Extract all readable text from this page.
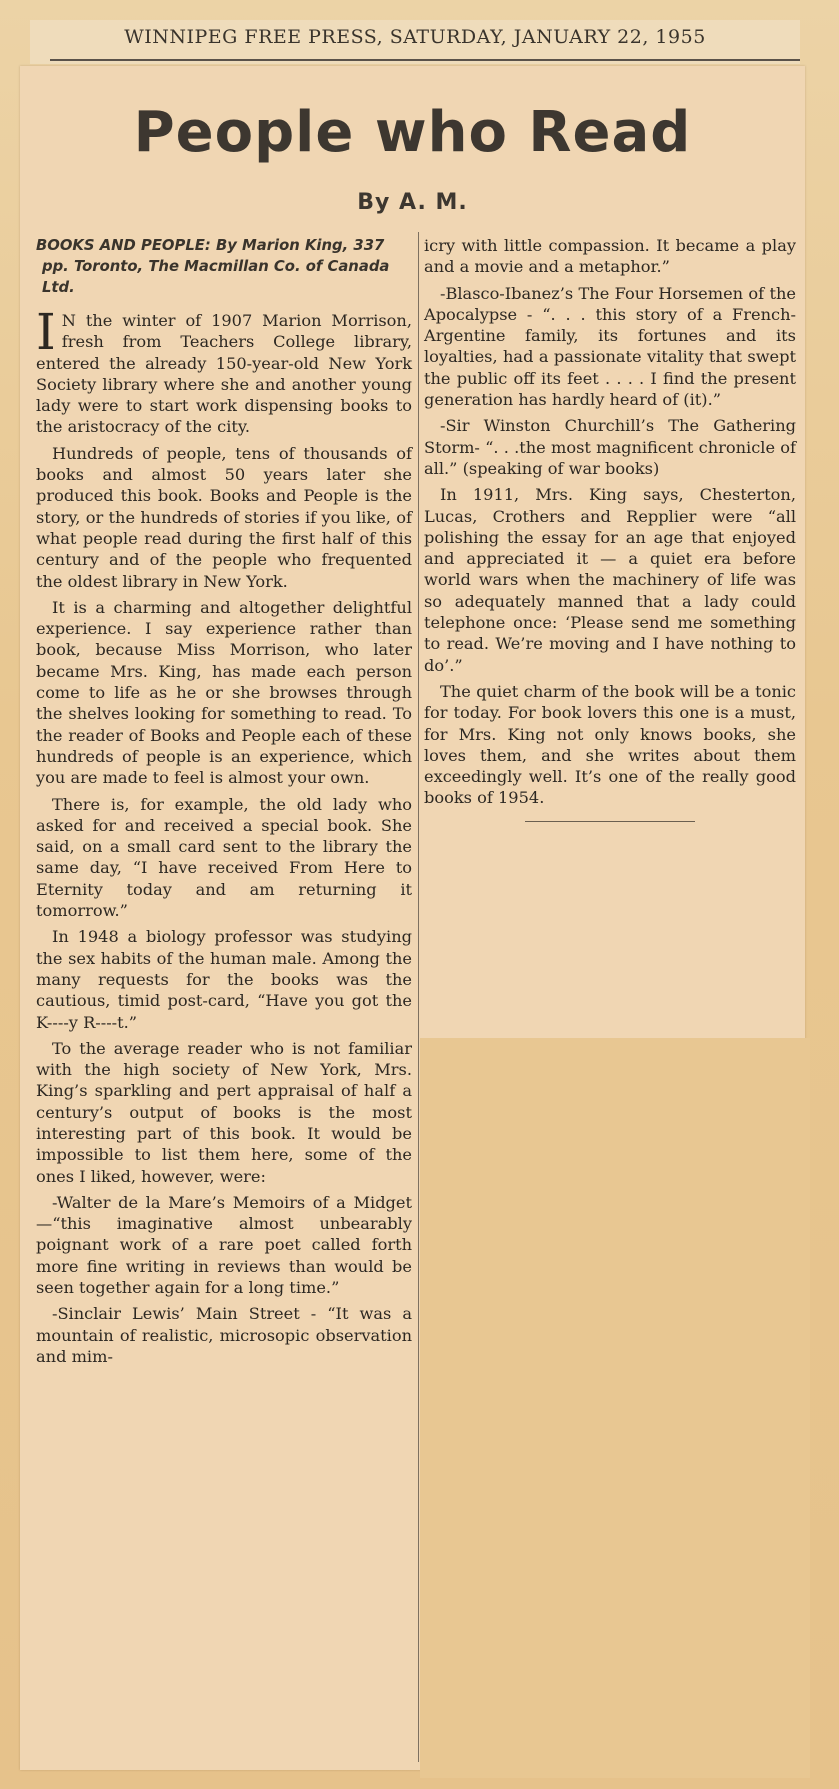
WINNIPEG FREE PRESS, SATURDAY, JANUARY 22, 1955
People who Read
By A. M.
BOOKS AND PEOPLE: By Marion King, 337 pp. Toronto, The Macmillan Co. of Canada Ltd.

I N the winter of 1907 Marion Morrison, fresh from Teachers College library, entered the already 150-year-old New York Society library where she and another young lady were to start work dispensing books to the aristocracy of the city.

Hundreds of people, tens of thousands of books and almost 50 years later she produced this book. Books and People is the story, or the hundreds of stories if you like, of what people read during the first half of this century and of the people who frequented the oldest library in New York.

It is a charming and altogether delightful experience. I say experience rather than book, because Miss Morrison, who later became Mrs. King, has made each person come to life as he or she browses through the shelves looking for something to read. To the reader of Books and People each of these hundreds of people is an experience, which you are made to feel is almost your own.

There is, for example, the old lady who asked for and received a special book. She said, on a small card sent to the library the same day, “I have received From Here to Eternity today and am returning it tomorrow.”

In 1948 a biology professor was studying the sex habits of the human male. Among the many requests for the books was the cautious, timid post-card, “Have you got the K----y R----t.”

To the average reader who is not familiar with the high society of New York, Mrs. King’s sparkling and pert appraisal of half a century’s output of books is the most interesting part of this book. It would be impossible to list them here, some of the ones I liked, however, were:

-Walter de la Mare’s Memoirs of a Midget—“this imaginative almost unbearably poignant work of a rare poet called forth more fine writing in reviews than would be seen together again for a long time.”

-Sinclair Lewis’ Main Street - “It was a mountain of realistic, microsopic observation and mim-

icry with little compassion. It became a play and a movie and a metaphor.”

-Blasco-Ibanez’s The Four Horsemen of the Apocalypse - “. . . this story of a French-Argentine family, its fortunes and its loyalties, had a passionate vitality that swept the public off its feet . . . . I find the present generation has hardly heard of (it).”

-Sir Winston Churchill’s The Gathering Storm- “. . .the most magnificent chronicle of all.” (speaking of war books)

In 1911, Mrs. King says, Chesterton, Lucas, Crothers and Repplier were “all polishing the essay for an age that enjoyed and appreciated it — a quiet era before world wars when the machinery of life was so adequately manned that a lady could telephone once: ‘Please send me something to read. We’re moving and I have nothing to do’.”

The quiet charm of the book will be a tonic for today. For book lovers this one is a must, for Mrs. King not only knows books, she loves them, and she writes about them exceedingly well. It’s one of the really good books of 1954.
